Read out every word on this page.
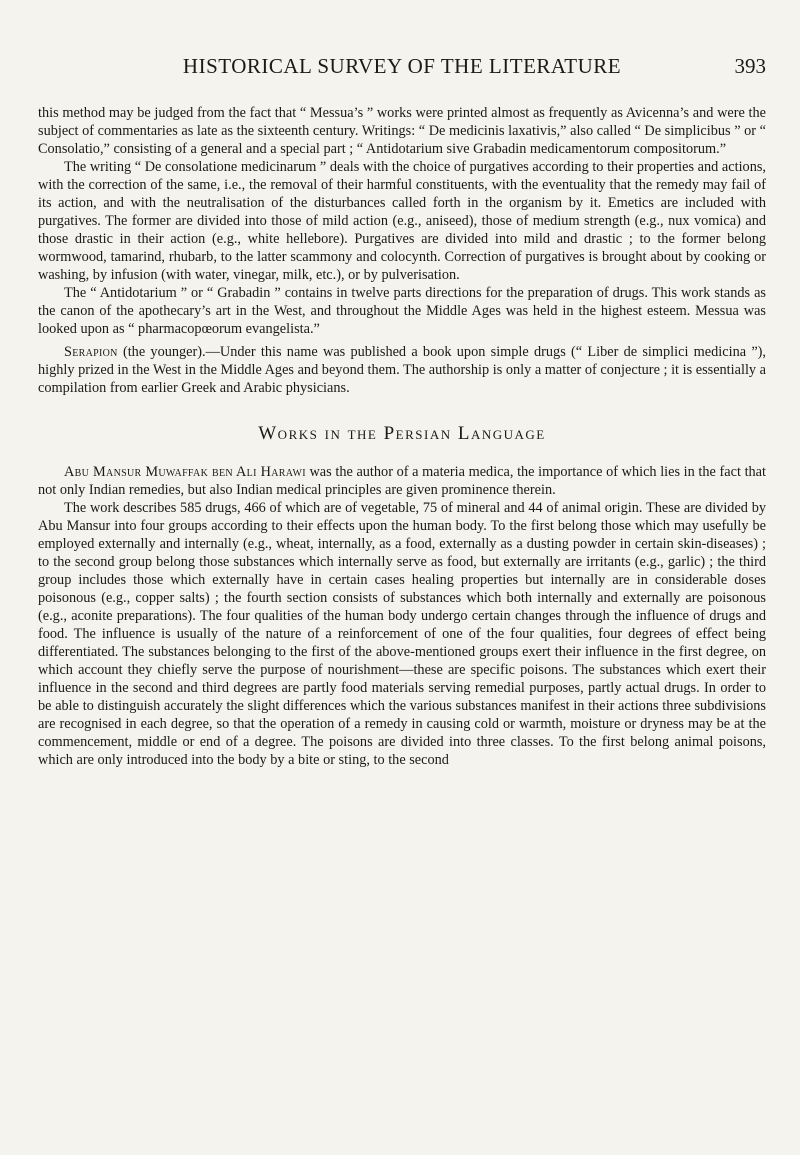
HISTORICAL SURVEY OF THE LITERATURE	393

this method may be judged from the fact that “ Messua’s ” works were printed almost as frequently as Avicenna’s and were the subject of commentaries as late as the sixteenth century. Writings: “ De medicinis laxativis,” also called “ De simplicibus ” or “ Consolatio,” consisting of a general and a special part ; “ Antidotarium sive Grabadin medicamentorum compositorum.”

The writing “ De consolatione medicinarum ” deals with the choice of purgatives according to their properties and actions, with the correction of the same, i.e., the removal of their harmful constituents, with the eventuality that the remedy may fail of its action, and with the neutralisation of the disturbances called forth in the organism by it. Emetics are included with purgatives. The former are divided into those of mild action (e.g., aniseed), those of medium strength (e.g., nux vomica) and those drastic in their action (e.g., white hellebore). Purgatives are divided into mild and drastic ; to the former belong wormwood, tamarind, rhubarb, to the latter scammony and colocynth. Correction of purgatives is brought about by cooking or washing, by infusion (with water, vinegar, milk, etc.), or by pulverisation.

The “ Antidotarium ” or “ Grabadin ” contains in twelve parts directions for the preparation of drugs. This work stands as the canon of the apothecary’s art in the West, and throughout the Middle Ages was held in the highest esteem. Messua was looked upon as “ pharmacopœorum evangelista.”

Serapion (the younger).—Under this name was published a book upon simple drugs (“ Liber de simplici medicina ”), highly prized in the West in the Middle Ages and beyond them. The authorship is only a matter of conjecture ; it is essentially a compilation from earlier Greek and Arabic physicians.

Works in the Persian Language

Abu Mansur Muwaffak ben Ali Harawi was the author of a materia medica, the importance of which lies in the fact that not only Indian remedies, but also Indian medical principles are given prominence therein.

The work describes 585 drugs, 466 of which are of vegetable, 75 of mineral and 44 of animal origin. These are divided by Abu Mansur into four groups according to their effects upon the human body. To the first belong those which may usefully be employed externally and internally (e.g., wheat, internally, as a food, externally as a dusting powder in certain skin-diseases) ; to the second group belong those substances which internally serve as food, but externally are irritants (e.g., garlic) ; the third group includes those which externally have in certain cases healing properties but internally are in considerable doses poisonous (e.g., copper salts) ; the fourth section consists of substances which both internally and externally are poisonous (e.g., aconite preparations). The four qualities of the human body undergo certain changes through the influence of drugs and food. The influence is usually of the nature of a reinforcement of one of the four qualities, four degrees of effect being differentiated. The substances belonging to the first of the above-mentioned groups exert their influence in the first degree, on which account they chiefly serve the purpose of nourishment—these are specific poisons. The substances which exert their influence in the second and third degrees are partly food materials serving remedial purposes, partly actual drugs. In order to be able to distinguish accurately the slight differences which the various substances manifest in their actions three subdivisions are recognised in each degree, so that the operation of a remedy in causing cold or warmth, moisture or dryness may be at the commencement, middle or end of a degree. The poisons are divided into three classes. To the first belong animal poisons, which are only introduced into the body by a bite or sting, to the second
